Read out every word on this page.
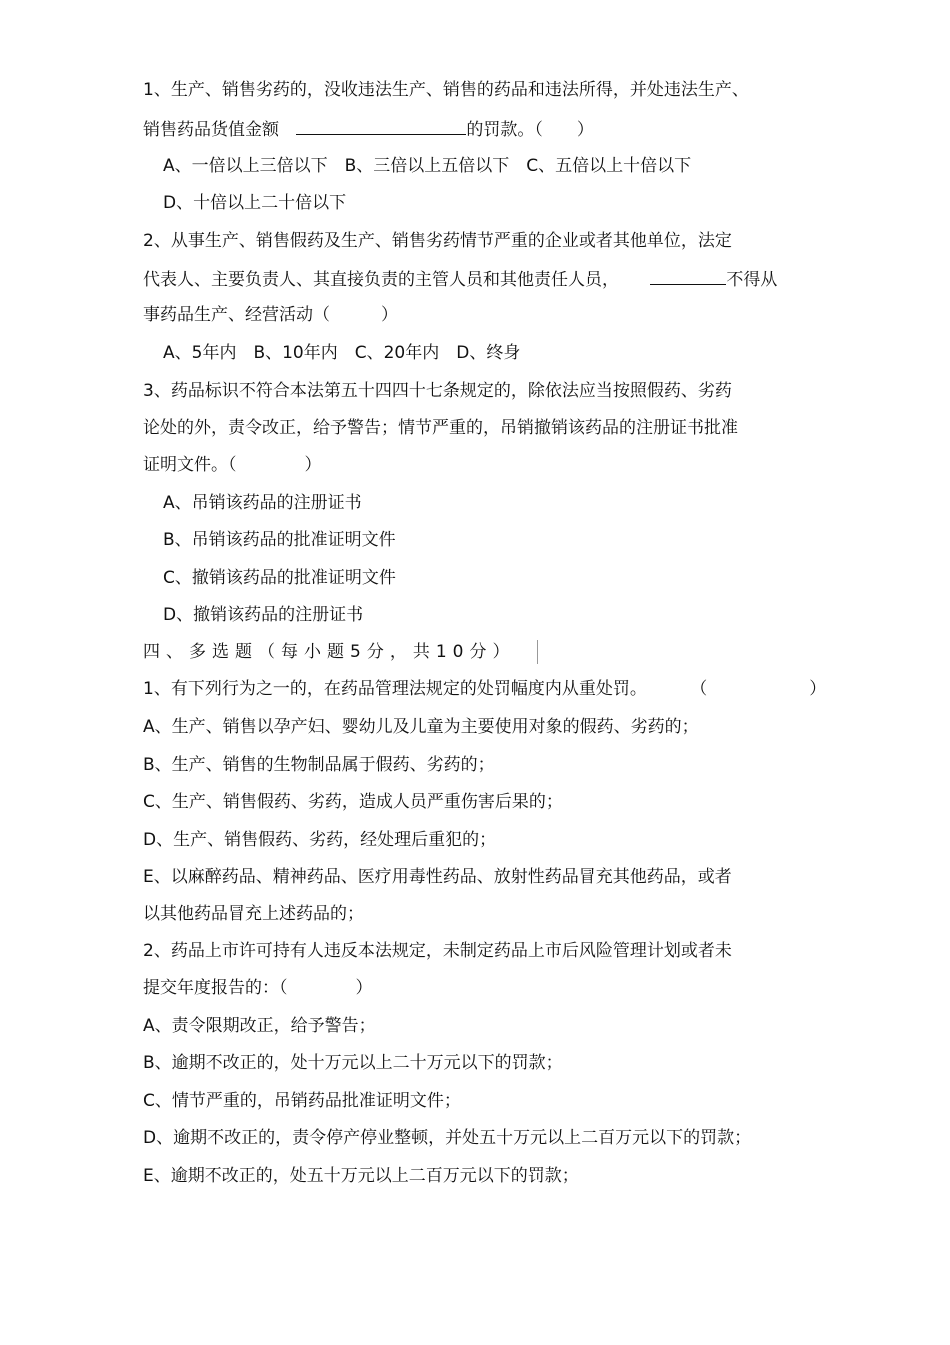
1、生产、销售劣药的，没收违法生产、销售的药品和违法所得，并处违法生产、
销售药品货值金额	的罚款。（　　）
A、一倍以上三倍以下　B、三倍以上五倍以下　C、五倍以上十倍以下
D、十倍以上二十倍以下
2、从事生产、销售假药及生产、销售劣药情节严重的企业或者其他单位，法定
代表人、主要负责人、其直接负责的主管人员和其他责任人员，	不得从
事药品生产、经营活动（　　　）
A、5年内　B、10年内　C、20年内　D、终身
3、药品标识不符合本法第五十四四十七条规定的，除依法应当按照假药、劣药
论处的外，责令改正，给予警告；情节严重的，吊销撤销该药品的注册证书批准
证明文件。（　　　　）
A、吊销该药品的注册证书
B、吊销该药品的批准证明文件
C、撤销该药品的批准证明文件
D、撤销该药品的注册证书
四、多选题（每小题5分，共10分）
1、有下列行为之一的，在药品管理法规定的处罚幅度内从重处罚。	（　　　　　　）
A、生产、销售以孕产妇、婴幼儿及儿童为主要使用对象的假药、劣药的；
B、生产、销售的生物制品属于假药、劣药的；
C、生产、销售假药、劣药，造成人员严重伤害后果的；
D、生产、销售假药、劣药，经处理后重犯的；
E、以麻醉药品、精神药品、医疗用毒性药品、放射性药品冒充其他药品，或者
以其他药品冒充上述药品的；
2、药品上市许可持有人违反本法规定，未制定药品上市后风险管理计划或者未
提交年度报告的：（　　　　）
A、责令限期改正，给予警告；
B、逾期不改正的，处十万元以上二十万元以下的罚款；
C、情节严重的，吊销药品批准证明文件；
D、逾期不改正的，责令停产停业整顿，并处五十万元以上二百万元以下的罚款；
E、逾期不改正的，处五十万元以上二百万元以下的罚款；
